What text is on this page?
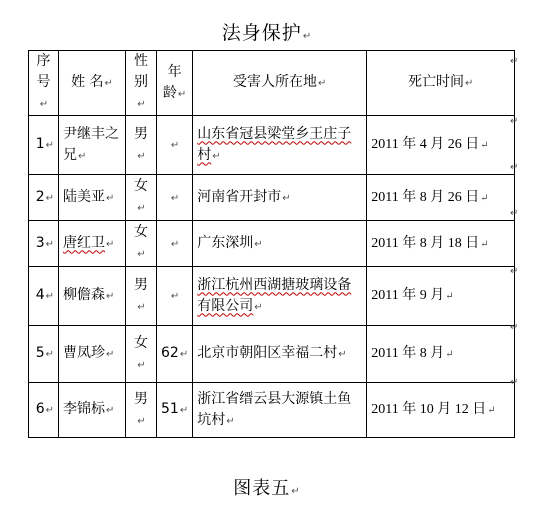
法身保护↵
序号↵	姓 名↵	性别↵	年龄↵	受害人所在地↵	死亡时间↵
1↵	尹继丰之兄↵	男↵	↵	山东省冠县梁堂乡王庄子村↵	2011 年 4 月 26 日↵
2↵	陆美亚↵	女↵	↵	河南省开封市↵	2011 年 8 月 26 日↵
3↵	唐红卫↵	女↵	↵	广东深圳↵	2011 年 8 月 18 日↵
4↵	柳儋森↵	男↵	↵	浙江杭州西湖搪玻璃设备有限公司↵	2011 年 9 月↵
5↵	曹凤珍↵	女↵	62↵	北京市朝阳区幸福二村↵	2011 年 8 月↵
6↵	李锦标↵	男↵	51↵	浙江省缙云县大源镇土鱼坑村↵	2011 年 10 月 12 日↵
↵
↵
↵
↵
↵
↵
↵
图表五↵
